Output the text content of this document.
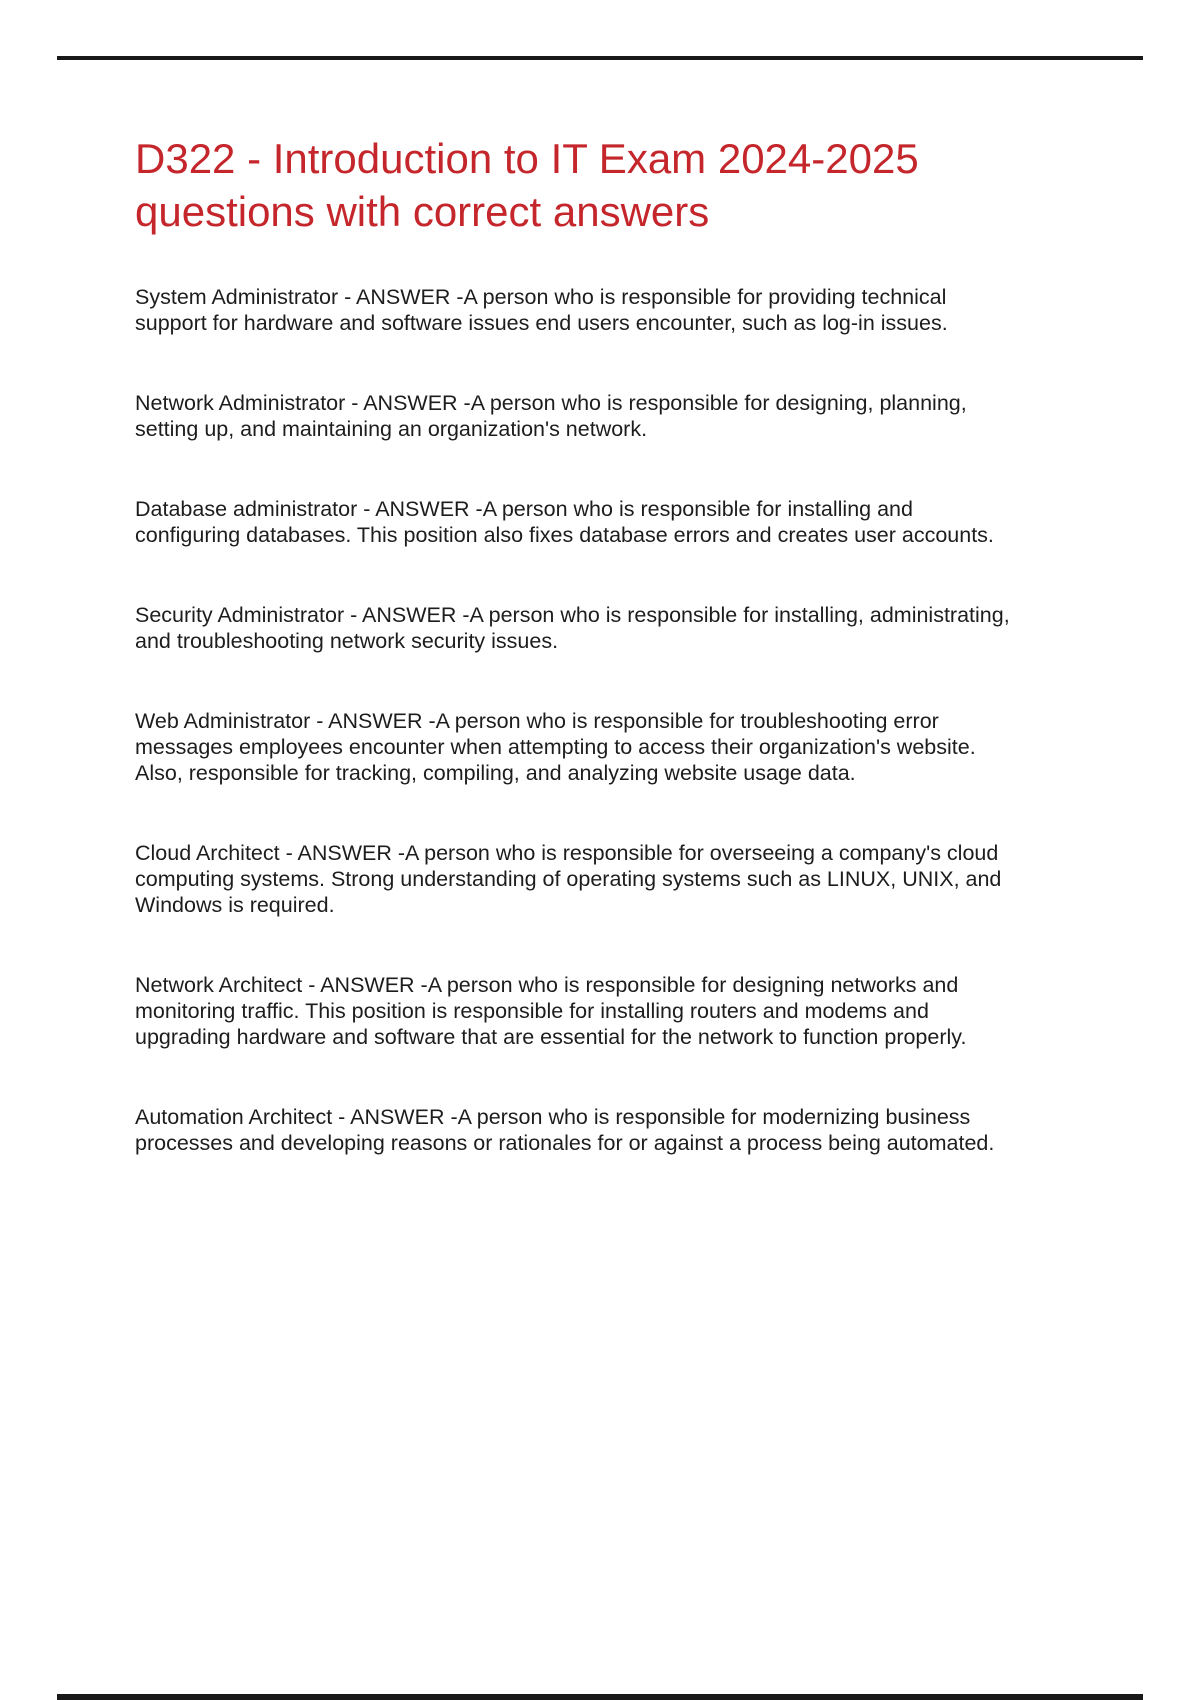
D322 - Introduction to IT Exam 2024-2025 questions with correct answers

System Administrator - ANSWER -A person who is responsible for providing technical support for hardware and software issues end users encounter, such as log-in issues.

Network Administrator - ANSWER -A person who is responsible for designing, planning, setting up, and maintaining an organization's network.

Database administrator - ANSWER -A person who is responsible for installing and configuring databases. This position also fixes database errors and creates user accounts.

Security Administrator - ANSWER -A person who is responsible for installing, administrating, and troubleshooting network security issues.

Web Administrator - ANSWER -A person who is responsible for troubleshooting error messages employees encounter when attempting to access their organization's website. Also, responsible for tracking, compiling, and analyzing website usage data.

Cloud Architect - ANSWER -A person who is responsible for overseeing a company's cloud computing systems. Strong understanding of operating systems such as LINUX, UNIX, and Windows is required.

Network Architect - ANSWER -A person who is responsible for designing networks and monitoring traffic. This position is responsible for installing routers and modems and upgrading hardware and software that are essential for the network to function properly.

Automation Architect - ANSWER -A person who is responsible for modernizing business processes and developing reasons or rationales for or against a process being automated.
